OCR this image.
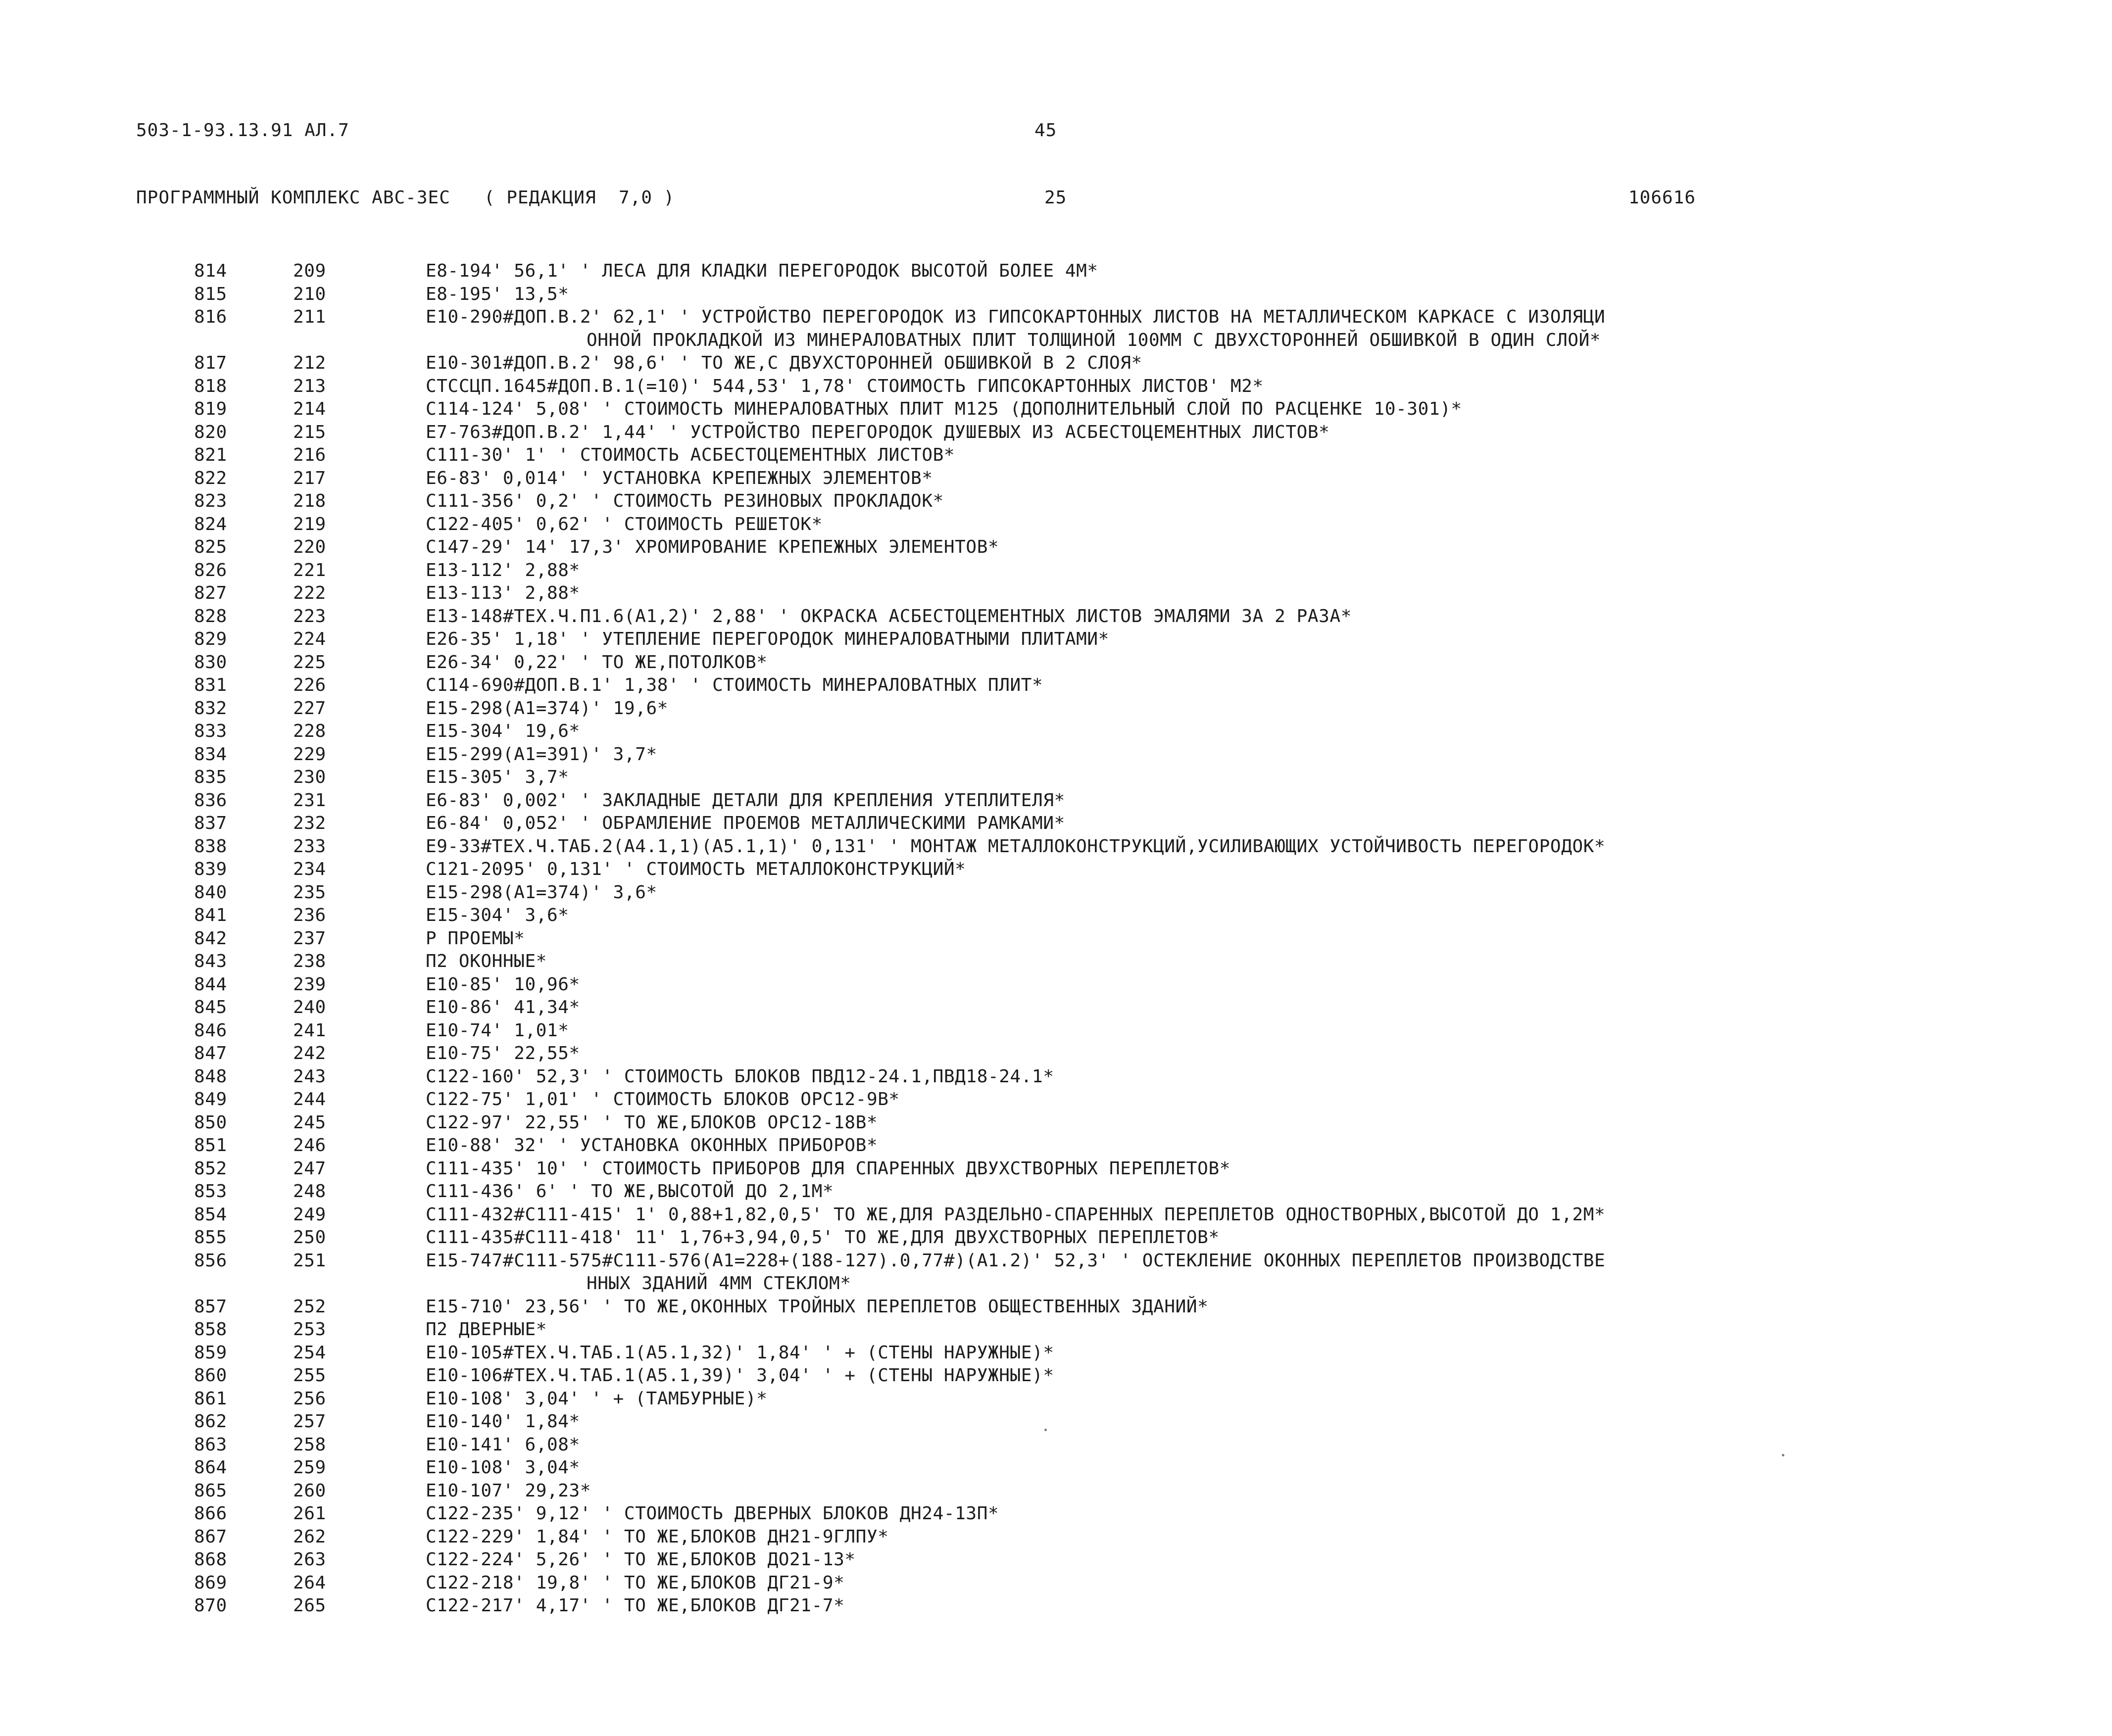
503-1-93.13.91 АЛ.7	45
ПРОГРАММНЫЙ КОМПЛЕКС АВС-3ЕС   ( РЕДАКЦИЯ  7,0 )	25	106616
814	209	Е8-194' 56,1' ' ЛЕСА ДЛЯ КЛАДКИ ПЕРЕГОРОДОК ВЫСОТОЙ БОЛЕЕ 4М*
815	210	Е8-195' 13,5*
816	211	Е10-290#ДОП.В.2' 62,1' ' УСТРОЙСТВО ПЕРЕГОРОДОК ИЗ ГИПСОКАРТОННЫХ ЛИСТОВ НА МЕТАЛЛИЧЕСКОМ КАРКАСЕ С ИЗОЛЯЦИ
ОННОЙ ПРОКЛАДКОЙ ИЗ МИНЕРАЛОВАТНЫХ ПЛИТ ТОЛЩИНОЙ 100ММ С ДВУХСТОРОННЕЙ ОБШИВКОЙ В ОДИН СЛОЙ*
817	212	Е10-301#ДОП.В.2' 98,6' ' ТО ЖЕ,С ДВУХСТОРОННЕЙ ОБШИВКОЙ В 2 СЛОЯ*
818	213	СТССЦП.1645#ДОП.В.1(=10)' 544,53' 1,78' СТОИМОСТЬ ГИПСОКАРТОННЫХ ЛИСТОВ' М2*
819	214	С114-124' 5,08' ' СТОИМОСТЬ МИНЕРАЛОВАТНЫХ ПЛИТ М125 (ДОПОЛНИТЕЛЬНЫЙ СЛОЙ ПО РАСЦЕНКЕ 10-301)*
820	215	Е7-763#ДОП.В.2' 1,44' ' УСТРОЙСТВО ПЕРЕГОРОДОК ДУШЕВЫХ ИЗ АСБЕСТОЦЕМЕНТНЫХ ЛИСТОВ*
821	216	С111-30' 1' ' СТОИМОСТЬ АСБЕСТОЦЕМЕНТНЫХ ЛИСТОВ*
822	217	Е6-83' 0,014' ' УСТАНОВКА КРЕПЕЖНЫХ ЭЛЕМЕНТОВ*
823	218	С111-356' 0,2' ' СТОИМОСТЬ РЕЗИНОВЫХ ПРОКЛАДОК*
824	219	С122-405' 0,62' ' СТОИМОСТЬ РЕШЕТОК*
825	220	С147-29' 14' 17,3' ХРОМИРОВАНИЕ КРЕПЕЖНЫХ ЭЛЕМЕНТОВ*
826	221	Е13-112' 2,88*
827	222	Е13-113' 2,88*
828	223	Е13-148#ТЕХ.Ч.П1.6(А1,2)' 2,88' ' ОКРАСКА АСБЕСТОЦЕМЕНТНЫХ ЛИСТОВ ЭМАЛЯМИ ЗА 2 РАЗА*
829	224	Е26-35' 1,18' ' УТЕПЛЕНИЕ ПЕРЕГОРОДОК МИНЕРАЛОВАТНЫМИ ПЛИТАМИ*
830	225	Е26-34' 0,22' ' ТО ЖЕ,ПОТОЛКОВ*
831	226	С114-690#ДОП.В.1' 1,38' ' СТОИМОСТЬ МИНЕРАЛОВАТНЫХ ПЛИТ*
832	227	Е15-298(А1=374)' 19,6*
833	228	Е15-304' 19,6*
834	229	Е15-299(А1=391)' 3,7*
835	230	Е15-305' 3,7*
836	231	Е6-83' 0,002' ' ЗАКЛАДНЫЕ ДЕТАЛИ ДЛЯ КРЕПЛЕНИЯ УТЕПЛИТЕЛЯ*
837	232	Е6-84' 0,052' ' ОБРАМЛЕНИЕ ПРОЕМОВ МЕТАЛЛИЧЕСКИМИ РАМКАМИ*
838	233	Е9-33#ТЕХ.Ч.ТАБ.2(А4.1,1)(А5.1,1)' 0,131' ' МОНТАЖ МЕТАЛЛОКОНСТРУКЦИЙ,УСИЛИВАЮЩИХ УСТОЙЧИВОСТЬ ПЕРЕГОРОДОК*
839	234	С121-2095' 0,131' ' СТОИМОСТЬ МЕТАЛЛОКОНСТРУКЦИЙ*
840	235	Е15-298(А1=374)' 3,6*
841	236	Е15-304' 3,6*
842	237	Р ПРОЕМЫ*
843	238	П2 ОКОННЫЕ*
844	239	Е10-85' 10,96*
845	240	Е10-86' 41,34*
846	241	Е10-74' 1,01*
847	242	Е10-75' 22,55*
848	243	С122-160' 52,3' ' СТОИМОСТЬ БЛОКОВ ПВД12-24.1,ПВД18-24.1*
849	244	С122-75' 1,01' ' СТОИМОСТЬ БЛОКОВ ОРС12-9В*
850	245	С122-97' 22,55' ' ТО ЖЕ,БЛОКОВ ОРС12-18В*
851	246	Е10-88' 32' ' УСТАНОВКА ОКОННЫХ ПРИБОРОВ*
852	247	С111-435' 10' ' СТОИМОСТЬ ПРИБОРОВ ДЛЯ СПАРЕННЫХ ДВУХСТВОРНЫХ ПЕРЕПЛЕТОВ*
853	248	С111-436' 6' ' ТО ЖЕ,ВЫСОТОЙ ДО 2,1М*
854	249	С111-432#С111-415' 1' 0,88+1,82,0,5' ТО ЖЕ,ДЛЯ РАЗДЕЛЬНО-СПАРЕННЫХ ПЕРЕПЛЕТОВ ОДНОСТВОРНЫХ,ВЫСОТОЙ ДО 1,2М*
855	250	С111-435#С111-418' 11' 1,76+3,94,0,5' ТО ЖЕ,ДЛЯ ДВУХСТВОРНЫХ ПЕРЕПЛЕТОВ*
856	251	Е15-747#С111-575#С111-576(А1=228+(188-127).0,77#)(А1.2)' 52,3' ' ОСТЕКЛЕНИЕ ОКОННЫХ ПЕРЕПЛЕТОВ ПРОИЗВОДСТВЕ
ННЫХ ЗДАНИЙ 4ММ СТЕКЛОМ*
857	252	Е15-710' 23,56' ' ТО ЖЕ,ОКОННЫХ ТРОЙНЫХ ПЕРЕПЛЕТОВ ОБЩЕСТВЕННЫХ ЗДАНИЙ*
858	253	П2 ДВЕРНЫЕ*
859	254	Е10-105#ТЕХ.Ч.ТАБ.1(А5.1,32)' 1,84' ' + (СТЕНЫ НАРУЖНЫЕ)*
860	255	Е10-106#ТЕХ.Ч.ТАБ.1(А5.1,39)' 3,04' ' + (СТЕНЫ НАРУЖНЫЕ)*
861	256	Е10-108' 3,04' ' + (ТАМБУРНЫЕ)*
862	257	Е10-140' 1,84*
863	258	Е10-141' 6,08*
864	259	Е10-108' 3,04*
865	260	Е10-107' 29,23*
866	261	С122-235' 9,12' ' СТОИМОСТЬ ДВЕРНЫХ БЛОКОВ ДН24-13П*
867	262	С122-229' 1,84' ' ТО ЖЕ,БЛОКОВ ДН21-9ГЛПУ*
868	263	С122-224' 5,26' ' ТО ЖЕ,БЛОКОВ ДО21-13*
869	264	С122-218' 19,8' ' ТО ЖЕ,БЛОКОВ ДГ21-9*
870	265	С122-217' 4,17' ' ТО ЖЕ,БЛОКОВ ДГ21-7*
